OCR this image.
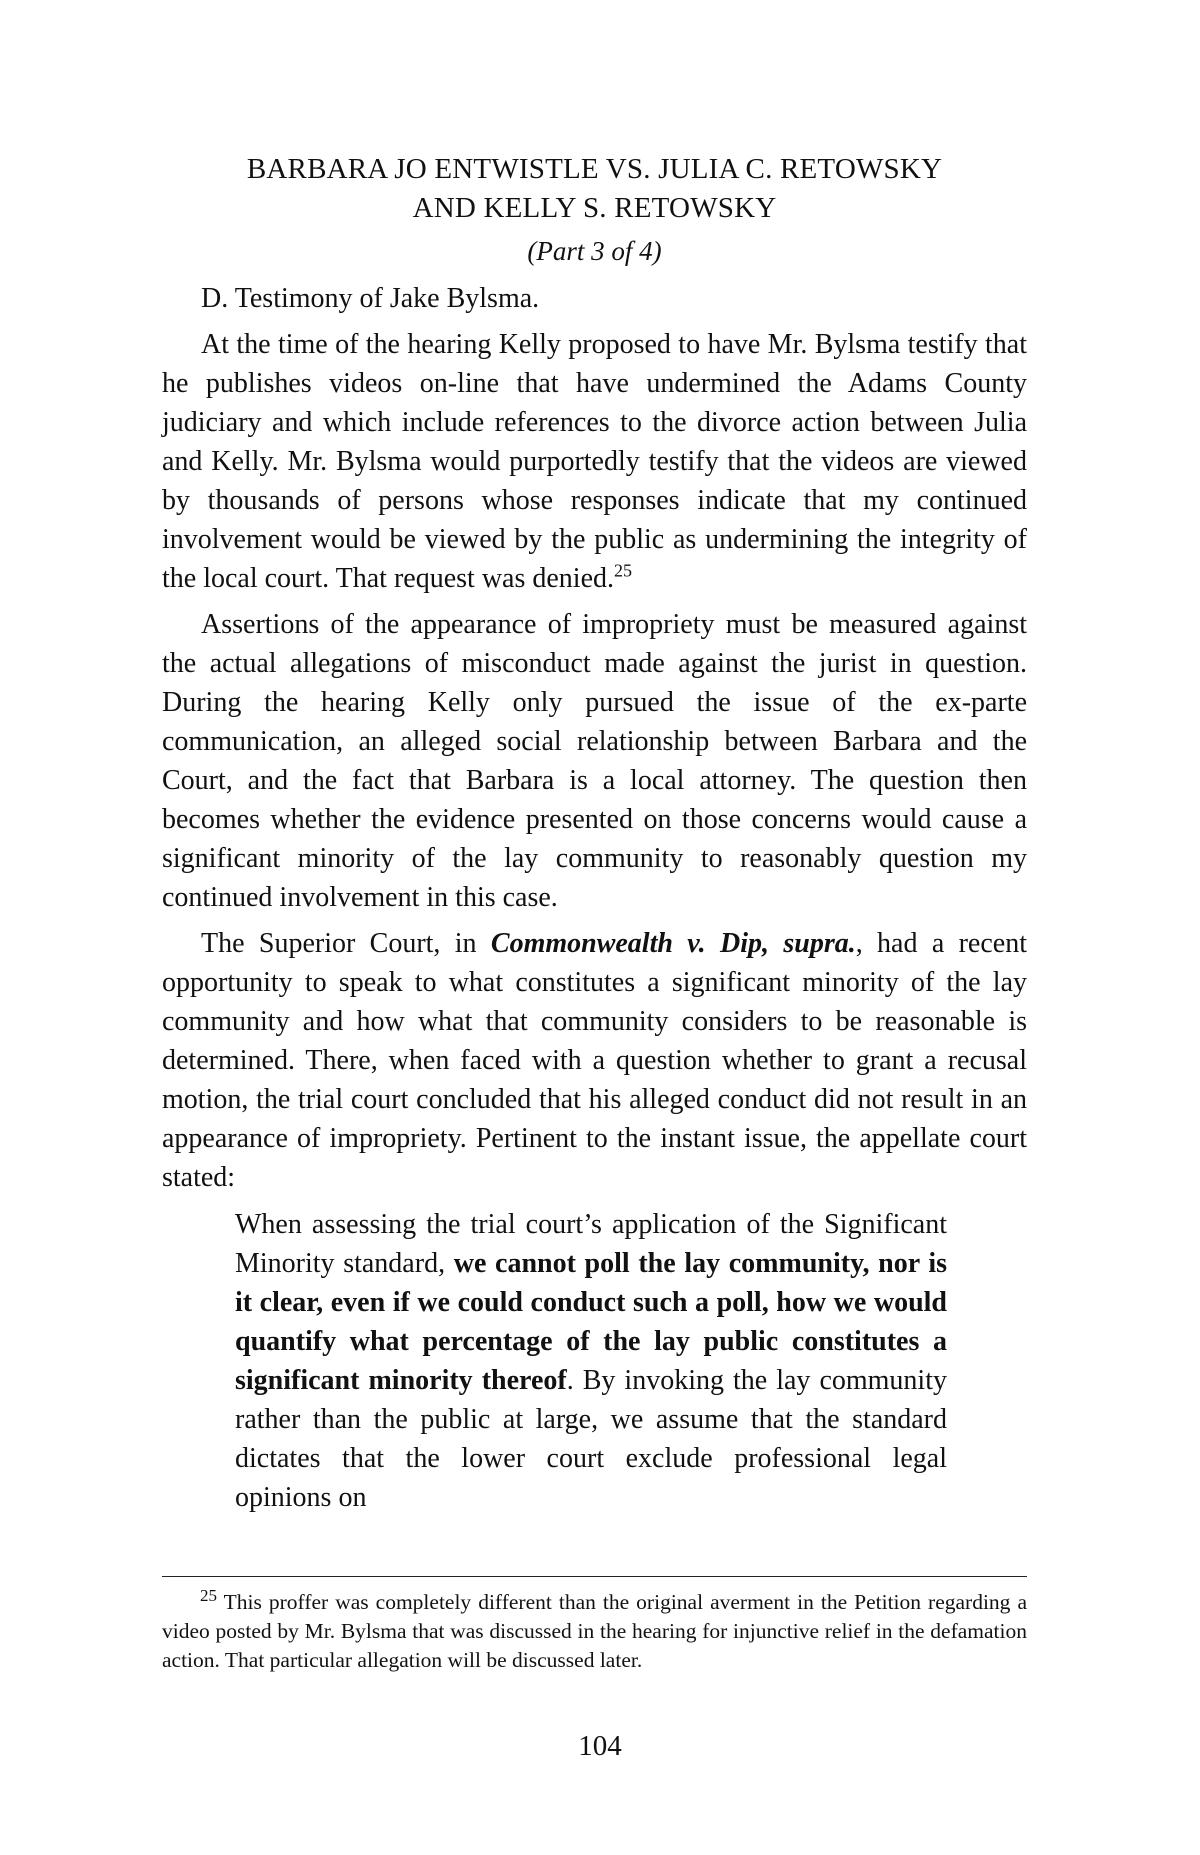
BARBARA JO ENTWISTLE VS. JULIA C. RETOWSKY
AND KELLY S. RETOWSKY
(Part 3 of 4)
D. Testimony of Jake Bylsma.

At the time of the hearing Kelly proposed to have Mr. Bylsma testify that he publishes videos on-line that have undermined the Adams County judiciary and which include references to the divorce action between Julia and Kelly. Mr. Bylsma would purportedly testify that the videos are viewed by thousands of persons whose responses indicate that my continued involvement would be viewed by the public as undermining the integrity of the local court. That request was denied.$^{25}$

Assertions of the appearance of impropriety must be measured against the actual allegations of misconduct made against the jurist in question. During the hearing Kelly only pursued the issue of the ex-parte communication, an alleged social relationship between Barbara and the Court, and the fact that Barbara is a local attorney. The question then becomes whether the evidence presented on those concerns would cause a significant minority of the lay community to reasonably question my continued involvement in this case.

The Superior Court, in Commonwealth v. Dip, supra., had a recent opportunity to speak to what constitutes a significant minority of the lay community and how what that community considers to be reasonable is determined. There, when faced with a question whether to grant a recusal motion, the trial court concluded that his alleged conduct did not result in an appearance of impropriety. Pertinent to the instant issue, the appellate court stated:

When assessing the trial court’s application of the Significant Minority standard, we cannot poll the lay community, nor is it clear, even if we could conduct such a poll, how we would quantify what percentage of the lay public constitutes a significant minority thereof. By invoking the lay community rather than the public at large, we assume that the standard dictates that the lower court exclude professional legal opinions on
$^{25}$ This proffer was completely different than the original averment in the Petition regarding a video posted by Mr. Bylsma that was discussed in the hearing for injunctive relief in the defamation action. That particular allegation will be discussed later.
104
